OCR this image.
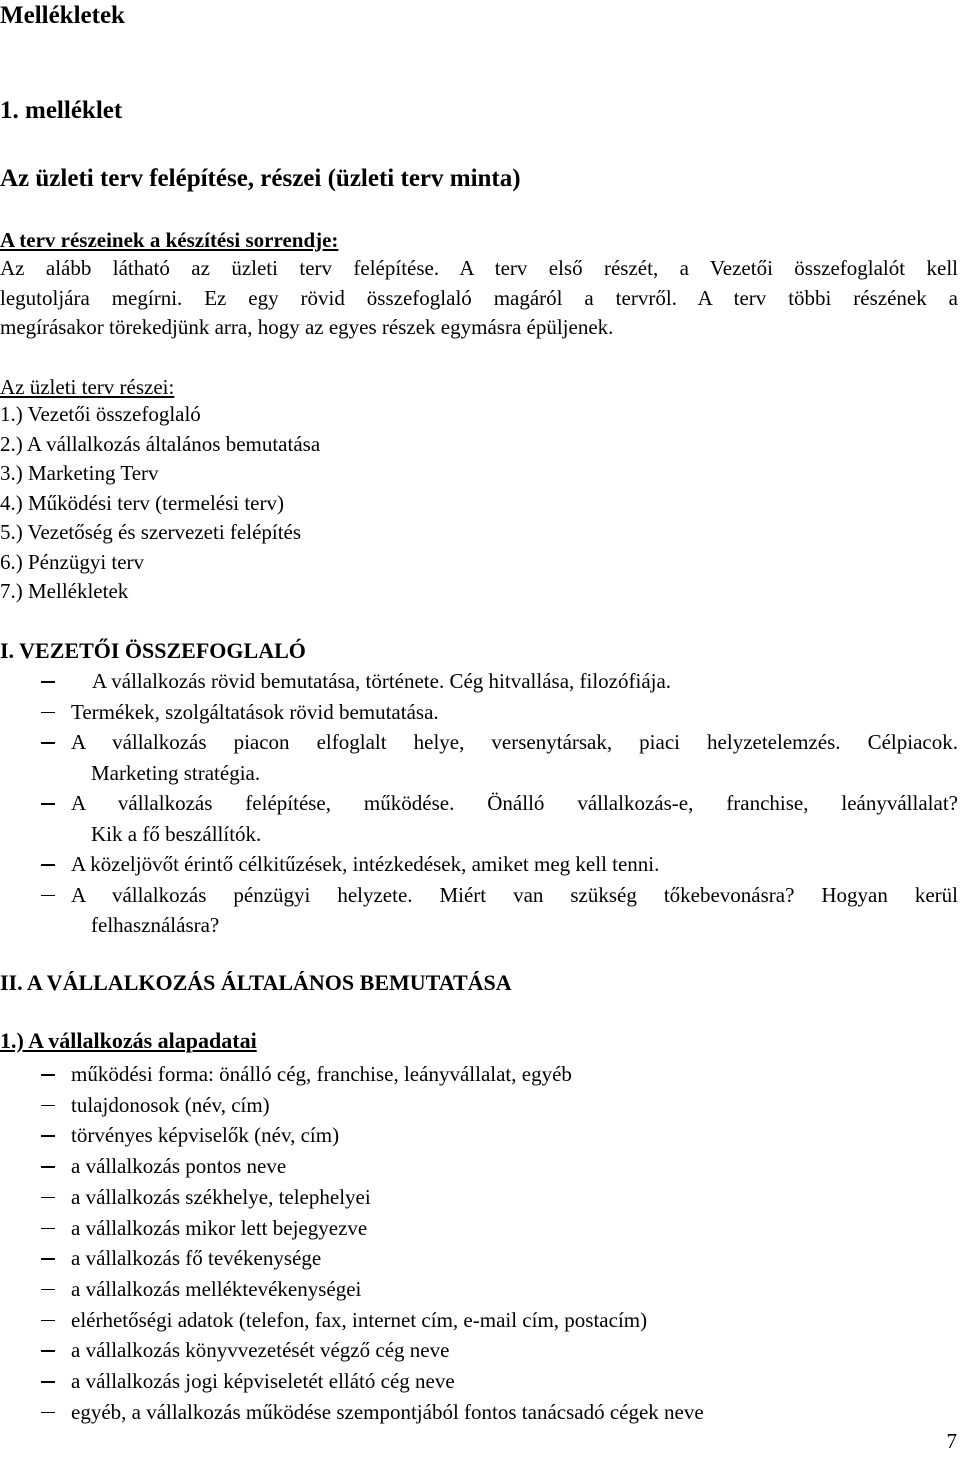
Mellékletek
1. melléklet
Az üzleti terv felépítése, részei (üzleti terv minta)
A terv részeinek a készítési sorrendje:
Az alább látható az üzleti terv felépítése. A terv első részét, a Vezetői összefoglalót kell
legutoljára megírni. Ez egy rövid összefoglaló magáról a tervről. A terv többi részének a
megírásakor törekedjünk arra, hogy az egyes részek egymásra épüljenek.
Az üzleti terv részei:
1.) Vezetői összefoglaló
2.) A vállalkozás általános bemutatása
3.) Marketing Terv
4.) Működési terv (termelési terv)
5.) Vezetőség és szervezeti felépítés
6.) Pénzügyi terv
7.) Mellékletek
I. VEZETŐI ÖSSZEFOGLALÓ
A vállalkozás rövid bemutatása, története. Cég hitvallása, filozófiája.
Termékek, szolgáltatások rövid bemutatása.
A vállalkozás piacon elfoglalt helye, versenytársak, piaci helyzetelemzés. Célpiacok.
Marketing stratégia.
A vállalkozás felépítése, működése. Önálló vállalkozás-e, franchise, leányvállalat?
Kik a fő beszállítók.
A közeljövőt érintő célkitűzések, intézkedések, amiket meg kell tenni.
A vállalkozás pénzügyi helyzete. Miért van szükség tőkebevonásra? Hogyan kerül
felhasználásra?
II. A VÁLLALKOZÁS ÁLTALÁNOS BEMUTATÁSA
1.) A vállalkozás alapadatai
működési forma: önálló cég, franchise, leányvállalat, egyéb
tulajdonosok (név, cím)
törvényes képviselők (név, cím)
a vállalkozás pontos neve
a vállalkozás székhelye, telephelyei
a vállalkozás mikor lett bejegyezve
a vállalkozás fő tevékenysége
a vállalkozás melléktevékenységei
elérhetőségi adatok (telefon, fax, internet cím, e-mail cím, postacím)
a vállalkozás könyvvezetését végző cég neve
a vállalkozás jogi képviseletét ellátó cég neve
egyéb, a vállalkozás működése szempontjából fontos tanácsadó cégek neve
7
